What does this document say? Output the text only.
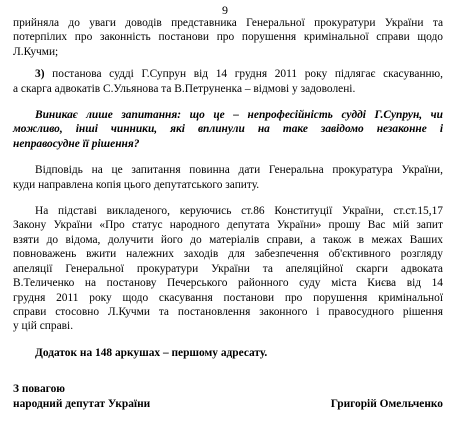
9

прийняла до уваги доводів представника Генеральної прокуратури України та
потерпілих про законність постанови про порушення кримінальної справи щодо
Л.Кучми;

3) постанова судді Г.Супрун від 14 грудня 2011 року підлягає скасуванню,
а скарга адвокатів С.Ульянова та В.Петруненка – відмові у задоволені.

Виникає лише запитання: що це – непрофесійність судді Г.Супрун, чи
можливо, інші чинники, які вплинули на таке завідомо незаконне і
неправосудне її рішення?

Відповідь на це запитання повинна дати Генеральна прокуратура України,
куди направлена копія цього депутатського запиту.

На підставі викладеного, керуючись ст.86 Конституції України, ст.ст.15,17
Закону України «Про статус народного депутата України» прошу Вас мій запит
взяти до відома, долучити його до матеріалів справи, а також в межах Ваших
повноважень вжити належних заходів для забезпечення об'єктивного розгляду
апеляції Генеральної прокуратури України та апеляційної скарги адвоката
В.Теличенко на постанову Печерського районного суду міста Києва від 14
грудня 2011 року щодо скасування постанови про порушення кримінальної
справи стосовно Л.Кучми та постановлення законного і правосудного рішення
у цій справі.

Додаток на 148 аркушах – першому адресату.

З повагою
народний депутат України	Григорій Омельченко
